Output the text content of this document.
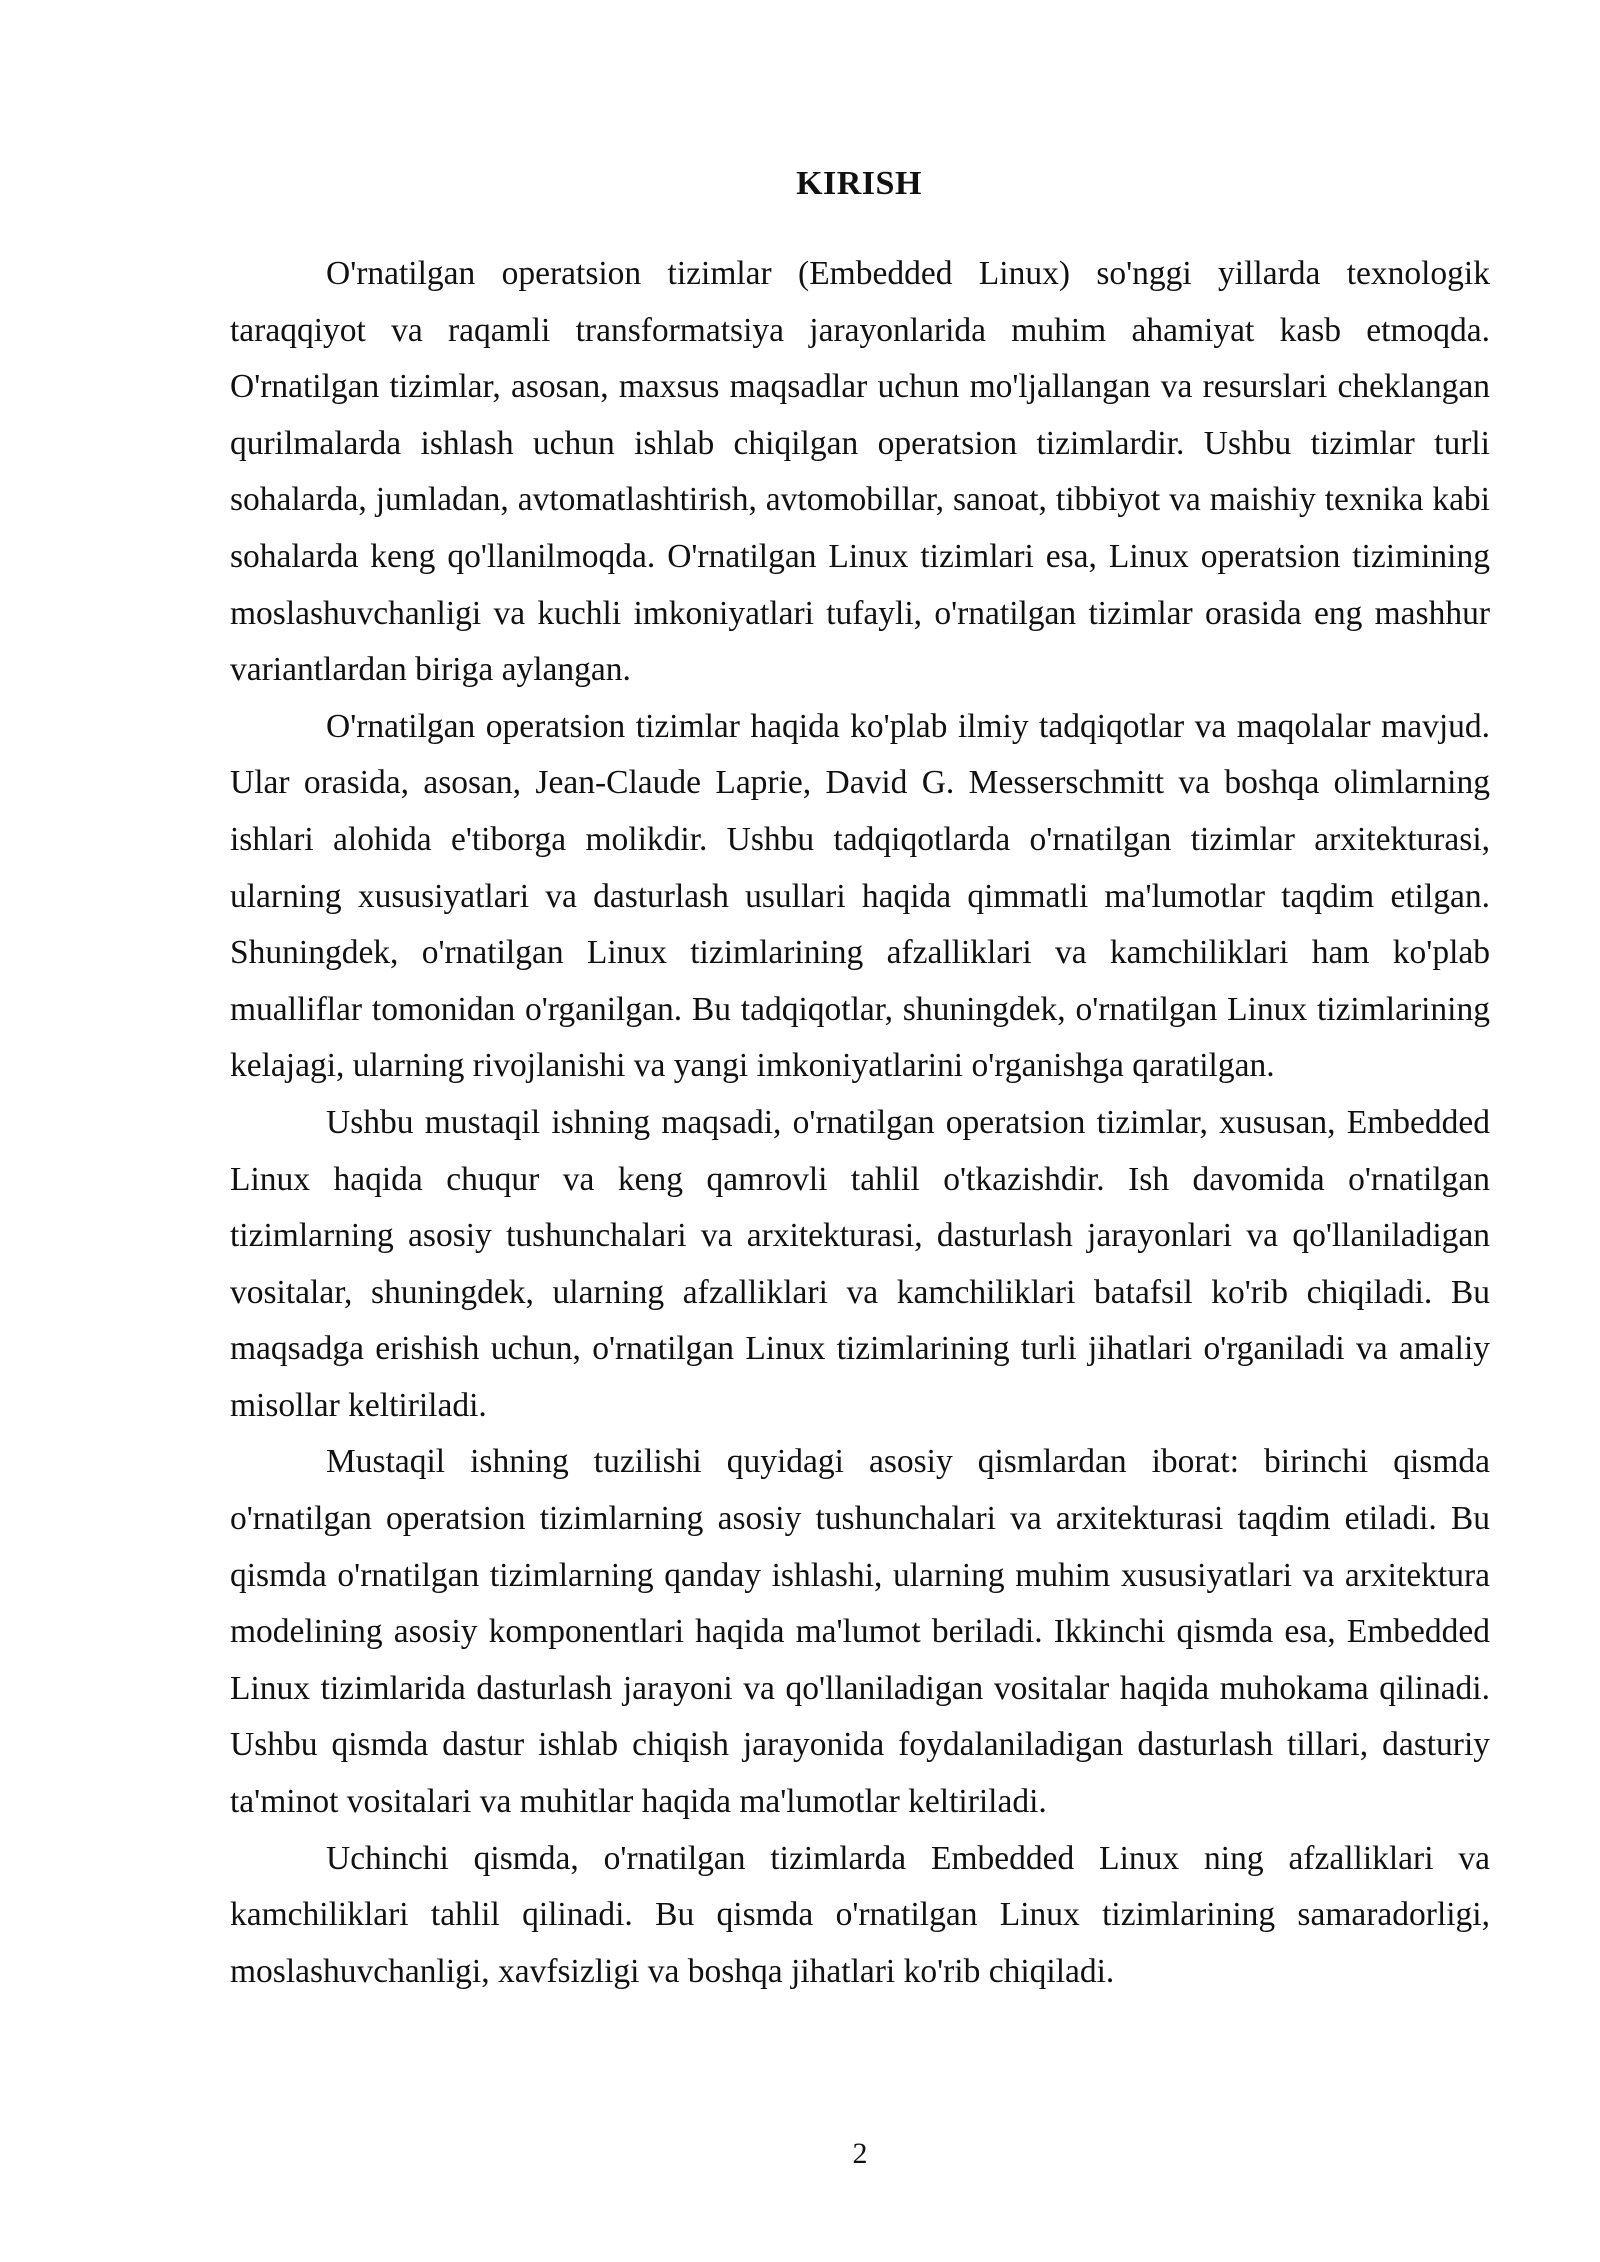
KIRISH

O'rnatilgan operatsion tizimlar (Embedded Linux) so'nggi yillarda texnologik taraqqiyot va raqamli transformatsiya jarayonlarida muhim ahamiyat kasb etmoqda. O'rnatilgan tizimlar, asosan, maxsus maqsadlar uchun mo'ljallangan va resurslari cheklangan qurilmalarda ishlash uchun ishlab chiqilgan operatsion tizimlardir. Ushbu tizimlar turli sohalarda, jumladan, avtomatlashtirish, avtomobillar, sanoat, tibbiyot va maishiy texnika kabi sohalarda keng qo'llanilmoqda. O'rnatilgan Linux tizimlari esa, Linux operatsion tizimining moslashuvchanligi va kuchli imkoniyatlari tufayli, o'rnatilgan tizimlar orasida eng mashhur variantlardan biriga aylangan.

O'rnatilgan operatsion tizimlar haqida ko'plab ilmiy tadqiqotlar va maqolalar mavjud. Ular orasida, asosan, Jean-Claude Laprie, David G. Messerschmitt va boshqa olimlarning ishlari alohida e'tiborga molikdir. Ushbu tadqiqotlarda o'rnatilgan tizimlar arxitekturasi, ularning xususiyatlari va dasturlash usullari haqida qimmatli ma'lumotlar taqdim etilgan. Shuningdek, o'rnatilgan Linux tizimlarining afzalliklari va kamchiliklari ham ko'plab mualliflar tomonidan o'rganilgan. Bu tadqiqotlar, shuningdek, o'rnatilgan Linux tizimlarining kelajagi, ularning rivojlanishi va yangi imkoniyatlarini o'rganishga qaratilgan.

Ushbu mustaqil ishning maqsadi, o'rnatilgan operatsion tizimlar, xususan, Embedded Linux haqida chuqur va keng qamrovli tahlil o'tkazishdir. Ish davomida o'rnatilgan tizimlarning asosiy tushunchalari va arxitekturasi, dasturlash jarayonlari va qo'llaniladigan vositalar, shuningdek, ularning afzalliklari va kamchiliklari batafsil ko'rib chiqiladi. Bu maqsadga erishish uchun, o'rnatilgan Linux tizimlarining turli jihatlari o'rganiladi va amaliy misollar keltiriladi.

Mustaqil ishning tuzilishi quyidagi asosiy qismlardan iborat: birinchi qismda o'rnatilgan operatsion tizimlarning asosiy tushunchalari va arxitekturasi taqdim etiladi. Bu qismda o'rnatilgan tizimlarning qanday ishlashi, ularning muhim xususiyatlari va arxitektura modelining asosiy komponentlari haqida ma'lumot beriladi. Ikkinchi qismda esa, Embedded Linux tizimlarida dasturlash jarayoni va qo'llaniladigan vositalar haqida muhokama qilinadi. Ushbu qismda dastur ishlab chiqish jarayonida foydalaniladigan dasturlash tillari, dasturiy ta'minot vositalari va muhitlar haqida ma'lumotlar keltiriladi.

Uchinchi qismda, o'rnatilgan tizimlarda Embedded Linux ning afzalliklari va kamchiliklari tahlil qilinadi. Bu qismda o'rnatilgan Linux tizimlarining samaradorligi, moslashuvchanligi, xavfsizligi va boshqa jihatlari ko'rib chiqiladi.

2
